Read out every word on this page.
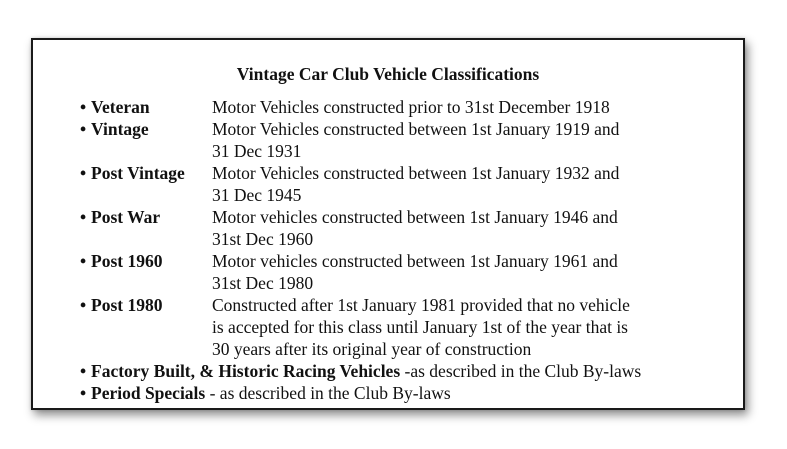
Vintage Car Club Vehicle Classifications
• Veteran	Motor Vehicles constructed prior to 31st December 1918
• Vintage	Motor Vehicles constructed between 1st January 1919 and
31 Dec 1931
• Post Vintage	Motor Vehicles constructed between 1st January 1932 and
31 Dec 1945
• Post War	Motor vehicles constructed between 1st January 1946 and
31st Dec 1960
• Post 1960	Motor vehicles constructed between 1st January 1961 and
31st Dec 1980
• Post 1980	Constructed after 1st January 1981 provided that no vehicle
is accepted for this class until January 1st of the year that is
30 years after its original year of construction
• Factory Built, & Historic Racing Vehicles -as described in the Club By-laws
• Period Specials - as described in the Club By-laws
